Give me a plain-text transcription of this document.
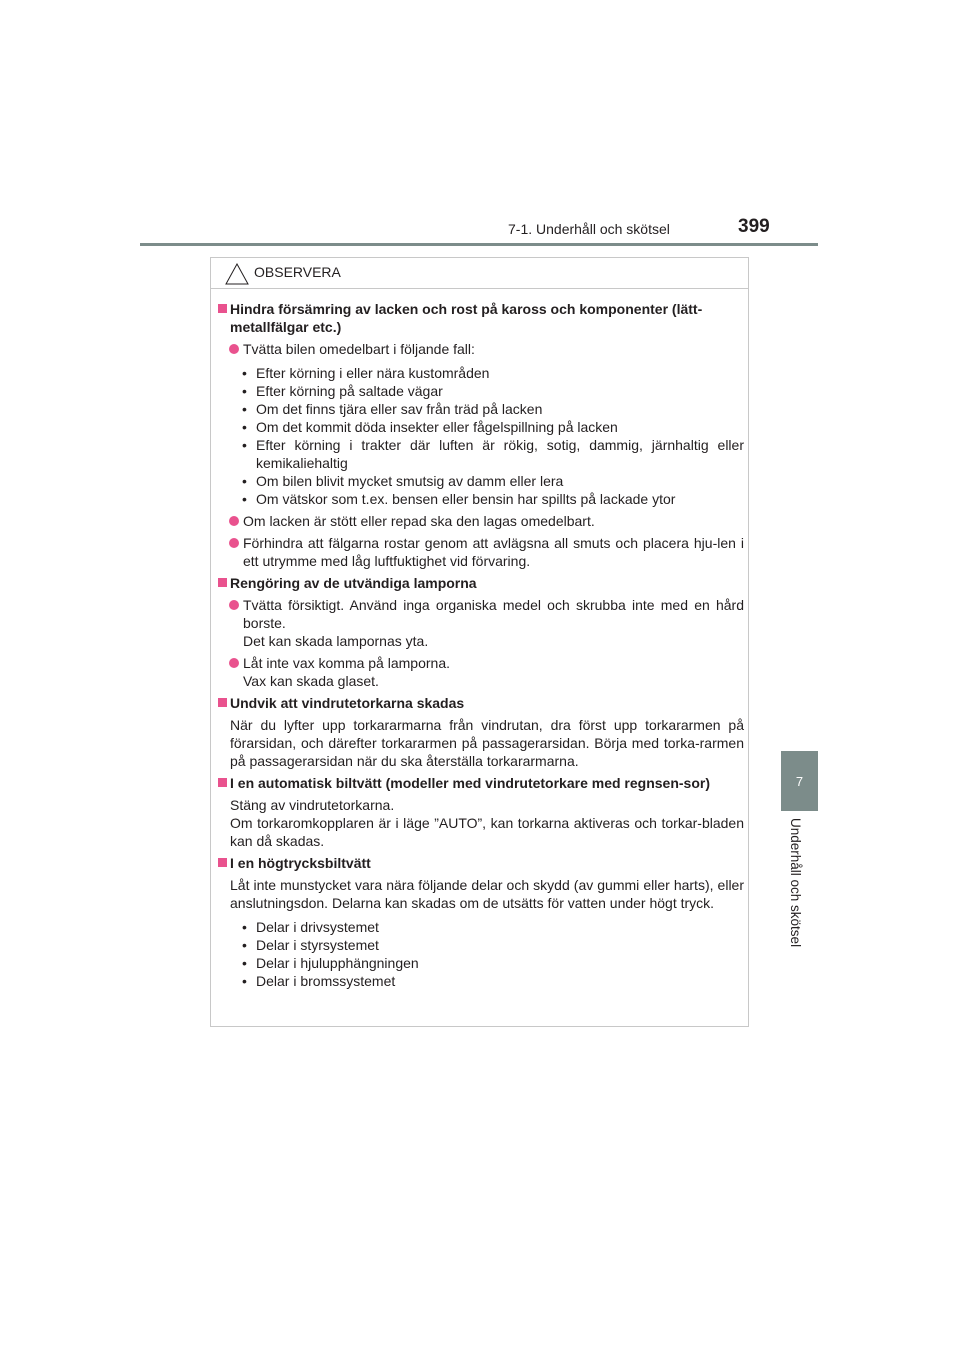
7-1. Underhåll och skötsel	399
7
Underhåll och skötsel
OBSERVERA
Hindra försämring av lacken och rost på kaross och komponenter (lätt-metallfälgar etc.)
Tvätta bilen omedelbart i följande fall:
• Efter körning i eller nära kustområden
• Efter körning på saltade vägar
• Om det finns tjära eller sav från träd på lacken
• Om det kommit döda insekter eller fågelspillning på lacken
• Efter körning i trakter där luften är rökig, sotig, dammig, järnhaltig eller kemikaliehaltig
• Om bilen blivit mycket smutsig av damm eller lera
• Om vätskor som t.ex. bensen eller bensin har spillts på lackade ytor
Om lacken är stött eller repad ska den lagas omedelbart.
Förhindra att fälgarna rostar genom att avlägsna all smuts och placera hju-len i ett utrymme med låg luftfuktighet vid förvaring.
Rengöring av de utvändiga lamporna
Tvätta försiktigt. Använd inga organiska medel och skrubba inte med en hård borste.
Det kan skada lampornas yta.
Låt inte vax komma på lamporna.
Vax kan skada glaset.
Undvik att vindrutetorkarna skadas
När du lyfter upp torkararmarna från vindrutan, dra först upp torkararmen på förarsidan, och därefter torkararmen på passagerarsidan. Börja med torka-rarmen på passagerarsidan när du ska återställa torkararmarna.
I en automatisk biltvätt (modeller med vindrutetorkare med regnsen-sor)
Stäng av vindrutetorkarna.
Om torkaromkopplaren är i läge ”AUTO”, kan torkarna aktiveras och torkar-bladen kan då skadas.
I en högtrycksbiltvätt
Låt inte munstycket vara nära följande delar och skydd (av gummi eller harts), eller anslutningsdon. Delarna kan skadas om de utsätts för vatten under högt tryck.
• Delar i drivsystemet
• Delar i styrsystemet
• Delar i hjulupphängningen
• Delar i bromssystemet
